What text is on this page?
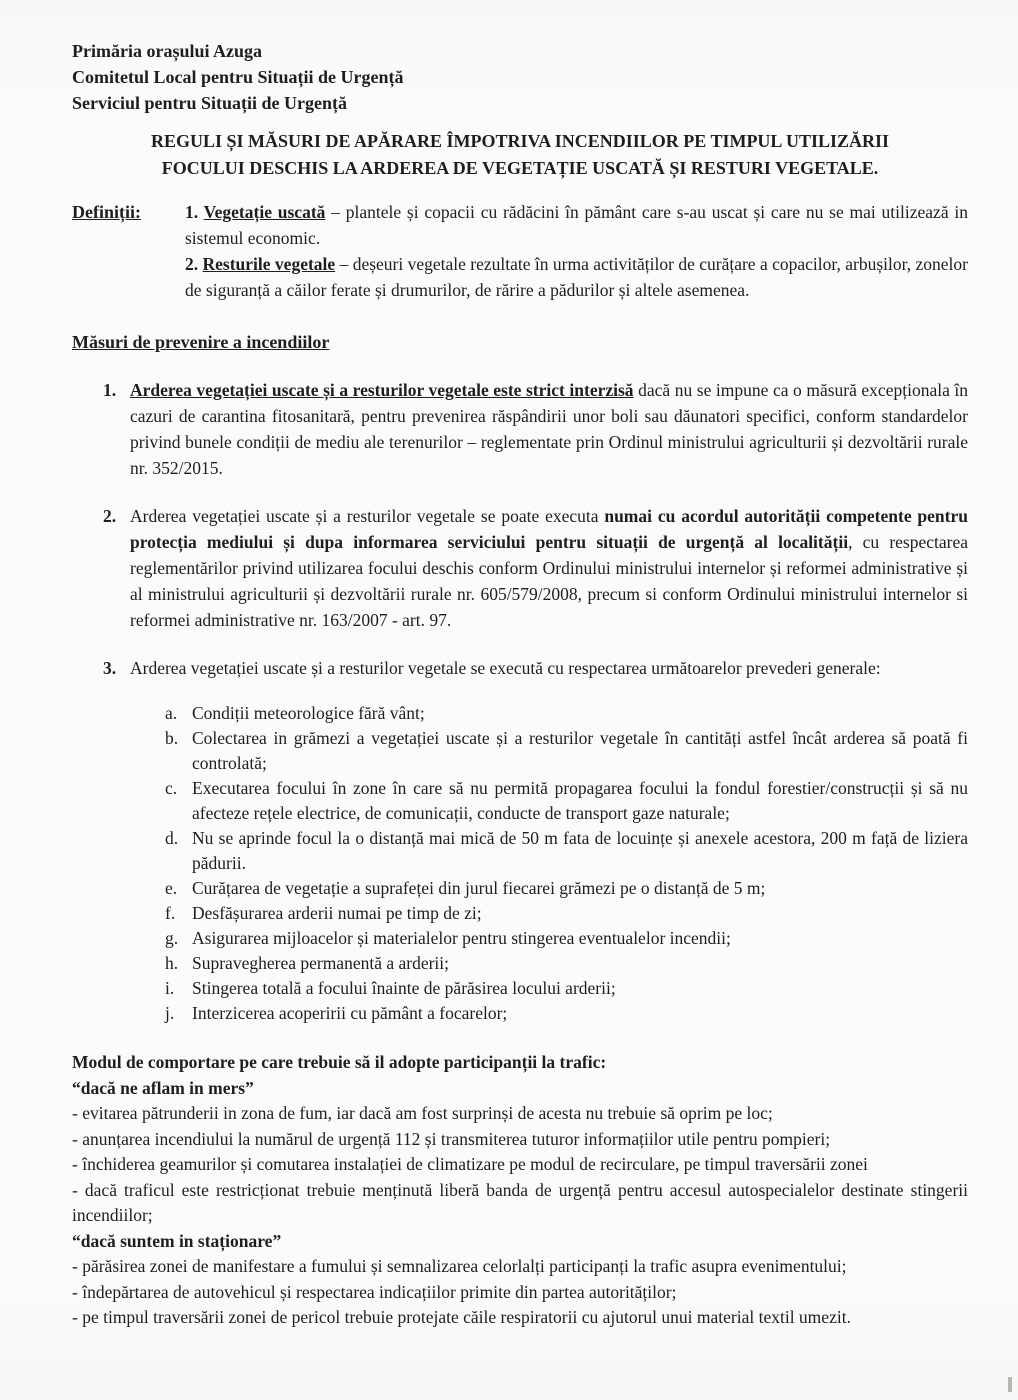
Primăria orașului Azuga
Comitetul Local pentru Situații de Urgență
Serviciul pentru Situații de Urgență
REGULI ȘI MĂSURI DE APĂRARE ÎMPOTRIVA INCENDIILOR PE TIMPUL UTILIZĂRII
FOCULUI DESCHIS LA ARDEREA DE VEGETAȚIE USCATĂ ȘI RESTURI VEGETALE.
Definiții:	1. Vegetație uscată – plantele și copacii cu rădăcini în pământ care s-au uscat și care nu se mai utilizează in sistemul economic.
2. Resturile vegetale – deșeuri vegetale rezultate în urma activităților de curățare a copacilor, arbușilor, zonelor de siguranță a căilor ferate și drumurilor, de rărire a pădurilor și altele asemenea.
Măsuri de prevenire a incendiilor
1. Arderea vegetației uscate și a resturilor vegetale este strict interzisă dacă nu se impune ca o măsură excepționala în cazuri de carantina fitosanitară, pentru prevenirea răspândirii unor boli sau dăunatori specifici, conform standardelor privind bunele condiții de mediu ale terenurilor – reglementate prin Ordinul ministrului agriculturii și dezvoltării rurale nr. 352/2015.
2. Arderea vegetației uscate și a resturilor vegetale se poate executa numai cu acordul autorității competente pentru protecția mediului și dupa informarea serviciului pentru situații de urgență al localității, cu respectarea reglementărilor privind utilizarea focului deschis conform Ordinului ministrului internelor și reformei administrative și al ministrului agriculturii și dezvoltării rurale nr. 605/579/2008, precum si conform Ordinului ministrului internelor si reformei administrative nr. 163/2007 - art. 97.
3. Arderea vegetației uscate și a resturilor vegetale se execută cu respectarea următoarelor prevederi generale:
a. Condiții meteorologice fără vânt;
b. Colectarea in grămezi a vegetației uscate și a resturilor vegetale în cantități astfel încât arderea să poată fi controlată;
c. Executarea focului în zone în care să nu permită propagarea focului la fondul forestier/construcții și să nu afecteze rețele electrice, de comunicații, conducte de transport gaze naturale;
d. Nu se aprinde focul la o distanță mai mică de 50 m fata de locuințe și anexele acestora, 200 m față de liziera pădurii.
e. Curățarea de vegetație a suprafeței din jurul fiecarei grămezi pe o distanță de 5 m;
f. Desfășurarea arderii numai pe timp de zi;
g. Asigurarea mijloacelor și materialelor pentru stingerea eventualelor incendii;
h. Supravegherea permanentă a arderii;
i.	Stingerea totală a focului înainte de părăsirea locului arderii;
j.	Interzicerea acoperirii cu pământ a focarelor;
Modul de comportare pe care trebuie să il adopte participanții la trafic:
“dacă ne aflam in mers”
- evitarea pătrunderii in zona de fum, iar dacă am fost surprinși de acesta nu trebuie să oprim pe loc;
- anunțarea incendiului la numărul de urgență 112 și transmiterea tuturor informațiilor utile pentru pompieri;
- închiderea geamurilor și comutarea instalației de climatizare pe modul de recirculare, pe timpul traversării zonei
- dacă traficul este restricționat trebuie menținută liberă banda de urgență pentru accesul autospecialelor destinate stingerii incendiilor;
“dacă suntem in staționare”
- părăsirea zonei de manifestare a fumului și semnalizarea celorlalți participanți la trafic asupra evenimentului;
- îndepărtarea de autovehicul și respectarea indicațiilor primite din partea autorităților;
- pe timpul traversării zonei de pericol trebuie protejate căile respiratorii cu ajutorul unui material textil umezit.
